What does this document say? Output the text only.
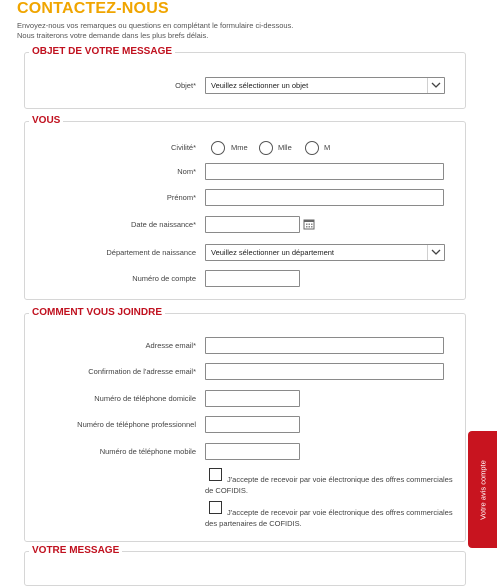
CONTACTEZ-NOUS
Envoyez-nous vos remarques ou questions en complétant le formulaire ci-dessous.
Nous traiterons votre demande dans les plus brefs délais.
OBJET DE VOTRE MESSAGE
Objet* Veuillez sélectionner un objet
VOUS
Civilité*	Mme	Mlle	M
Nom*
Prénom*
Date de naissance*
Département de naissance Veuillez sélectionner un département
Numéro de compte
COMMENT VOUS JOINDRE
Adresse email*
Confirmation de l'adresse email*
Numéro de téléphone domicile
Numéro de téléphone professionnel
Numéro de téléphone mobile
J'accepte de recevoir par voie électronique des offres commerciales de COFIDIS.
J'accepte de recevoir par voie électronique des offres commerciales des partenaires de COFIDIS.
VOTRE MESSAGE
Votre avis compte
